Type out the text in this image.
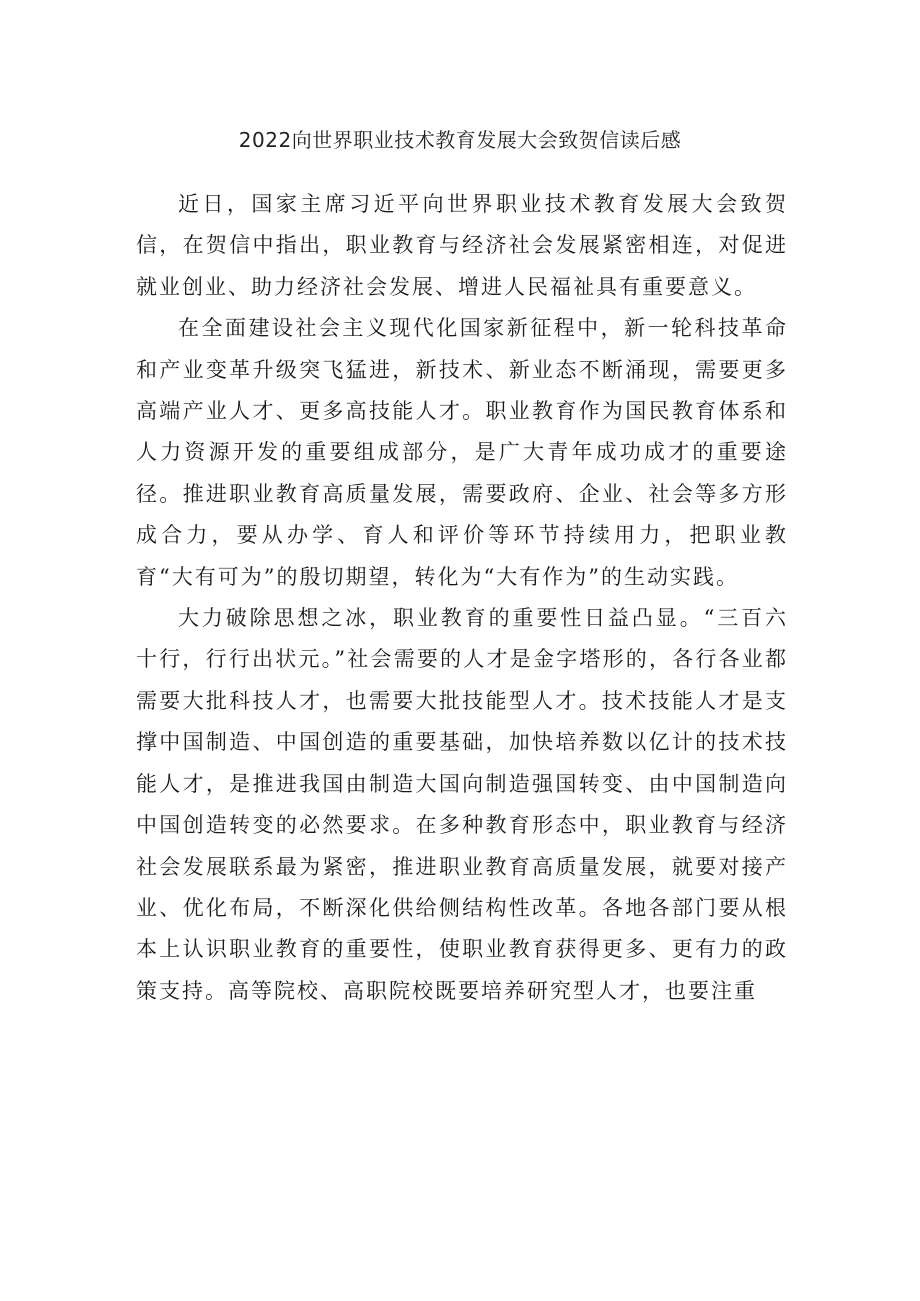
2022向世界职业技术教育发展大会致贺信读后感

近日，国家主席习近平向世界职业技术教育发展大会致贺信，在贺信中指出，职业教育与经济社会发展紧密相连，对促进就业创业、助力经济社会发展、增进人民福祉具有重要意义。

在全面建设社会主义现代化国家新征程中，新一轮科技革命和产业变革升级突飞猛进，新技术、新业态不断涌现，需要更多高端产业人才、更多高技能人才。职业教育作为国民教育体系和人力资源开发的重要组成部分，是广大青年成功成才的重要途径。推进职业教育高质量发展，需要政府、企业、社会等多方形成合力，要从办学、育人和评价等环节持续用力，把职业教育“大有可为”的殷切期望，转化为“大有作为”的生动实践。

大力破除思想之冰，职业教育的重要性日益凸显。“三百六十行，行行出状元。”社会需要的人才是金字塔形的，各行各业都需要大批科技人才，也需要大批技能型人才。技术技能人才是支撑中国制造、中国创造的重要基础，加快培养数以亿计的技术技能人才，是推进我国由制造大国向制造强国转变、由中国制造向中国创造转变的必然要求。在多种教育形态中，职业教育与经济社会发展联系最为紧密，推进职业教育高质量发展，就要对接产业、优化布局，不断深化供给侧结构性改革。各地各部门要从根本上认识职业教育的重要性，使职业教育获得更多、更有力的政策支持。高等院校、高职院校既要培养研究型人才，也要注重
